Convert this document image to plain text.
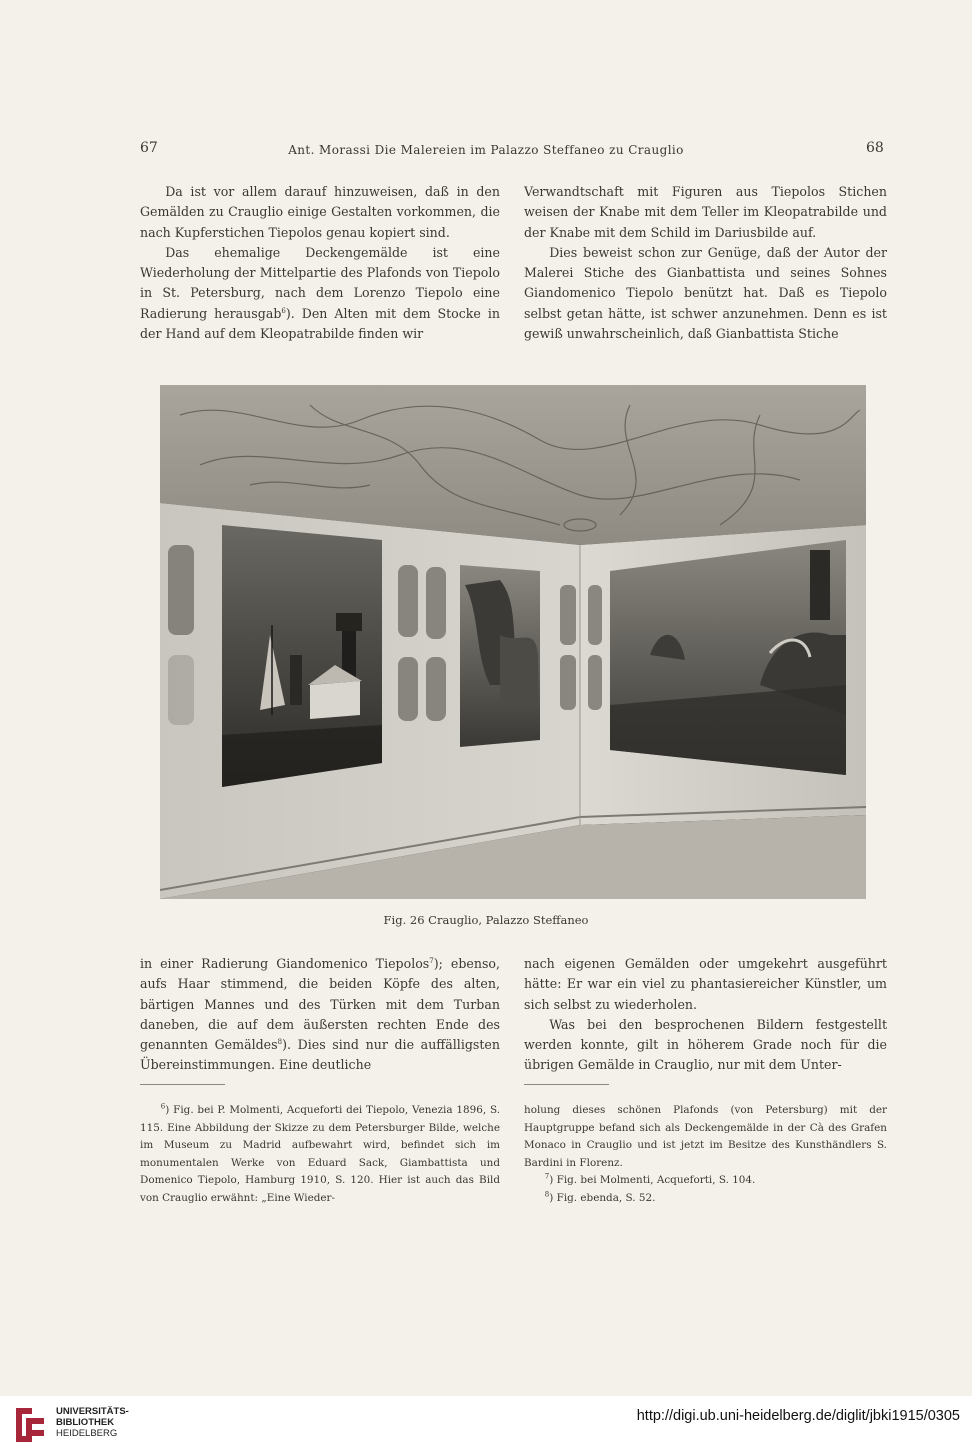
67	Ant. Morassi Die Malereien im Palazzo Steffaneo zu Crauglio	68

Da ist vor allem darauf hinzuweisen, daß in den Gemälden zu Crauglio einige Gestalten vorkommen, die nach Kupferstichen Tiepolos genau kopiert sind.

Das ehemalige Deckengemälde ist eine Wiederholung der Mittelpartie des Plafonds von Tiepolo in St. Petersburg, nach dem Lorenzo Tiepolo eine Radierung herausgab$^6$). Den Alten mit dem Stocke in der Hand auf dem Kleopatrabilde finden wir

Verwandtschaft mit Figuren aus Tiepolos Stichen weisen der Knabe mit dem Teller im Kleopatrabilde und der Knabe mit dem Schild im Dariusbilde auf.

Dies beweist schon zur Genüge, daß der Autor der Malerei Stiche des Gianbattista und seines Sohnes Giandomenico Tiepolo benützt hat. Daß es Tiepolo selbst getan hätte, ist schwer anzunehmen. Denn es ist gewiß unwahrscheinlich, daß Gianbattista Stiche

Fig. 26 Crauglio, Palazzo Steffaneo

in einer Radierung Giandomenico Tiepolos$^7$); ebenso, aufs Haar stimmend, die beiden Köpfe des alten, bärtigen Mannes und des Türken mit dem Turban daneben, die auf dem äußersten rechten Ende des genannten Gemäldes$^8$). Dies sind nur die auffälligsten Übereinstimmungen. Eine deutliche

nach eigenen Gemälden oder umgekehrt ausgeführt hätte: Er war ein viel zu phantasiereicher Künstler, um sich selbst zu wiederholen.

Was bei den besprochenen Bildern festgestellt werden konnte, gilt in höherem Grade noch für die übrigen Gemälde in Crauglio, nur mit dem Unter-

$^6$) Fig. bei P. Molmenti, Acqueforti dei Tiepolo, Venezia 1896, S. 115. Eine Abbildung der Skizze zu dem Petersburger Bilde, welche im Museum zu Madrid aufbewahrt wird, befindet sich im monumentalen Werke von Eduard Sack, Giambattista und Domenico Tiepolo, Hamburg 1910, S. 120. Hier ist auch das Bild von Crauglio erwähnt: „Eine Wieder-

holung dieses schönen Plafonds (von Petersburg) mit der Hauptgruppe befand sich als Deckengemälde in der Cà des Grafen Monaco in Crauglio und ist jetzt im Besitze des Kunsthändlers S. Bardini in Florenz.

$^7$) Fig. bei Molmenti, Acqueforti, S. 104.

$^8$) Fig. ebenda, S. 52.

UNIVERSITÄTS-
BIBLIOTHEK
HEIDELBERG
http://digi.ub.uni-heidelberg.de/diglit/jbki1915/0305
